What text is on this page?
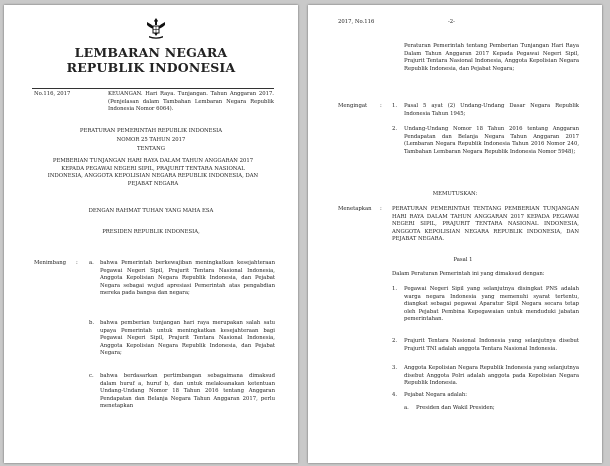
LEMBARAN NEGARA
REPUBLIK INDONESIA
No.116, 2017	KEUANGAN. Hari Raya. Tunjangan. Tahun Anggaran 2017. (Penjelasan dalam Tambahan Lembaran Negara Republik Indonesia Nomor 6064).
PERATURAN PEMERINTAH REPUBLIK INDONESIA
NOMOR 25 TAHUN 2017
TENTANG
PEMBERIAN TUNJANGAN HARI RAYA DALAM TAHUN ANGGARAN 2017 KEPADA PEGAWAI NEGERI SIPIL, PRAJURIT TENTARA NASIONAL INDONESIA, ANGGOTA KEPOLISIAN NEGARA REPUBLIK INDONESIA, DAN PEJABAT NEGARA
DENGAN RAHMAT TUHAN YANG MAHA ESA
PRESIDEN REPUBLIK INDONESIA,
Menimbang : a. bahwa Pemerintah berkewajiban meningkatkan kesejahteraan Pegawai Negeri Sipil, Prajurit Tentara Nasional Indonesia, Anggota Kepolisian Negara Republik Indonesia, dan Pejabat Negara sebagai wujud apresiasi Pemerintah atas pengabdian mereka pada bangsa dan negara;
b. bahwa pemberian tunjangan hari raya merupakan salah satu upaya Pemerintah untuk meningkatkan kesejahteraan bagi Pegawai Negeri Sipil, Prajurit Tentara Nasional Indonesia, Anggota Kepolisian Negara Republik Indonesia, dan Pejabat Negara;
c. bahwa berdasarkan pertimbangan sebagaimana dimaksud dalam huruf a, huruf b, dan untuk melaksanakan ketentuan Undang-Undang Nomor 18 Tahun 2016 tentang Anggaran Pendapatan dan Belanja Negara Tahun Anggaran 2017, perlu menetapkan
2017, No.116	-2-
Peraturan Pemerintah tentang Pemberian Tunjangan Hari Raya Dalam Tahun Anggaran 2017 Kepada Pegawai Negeri Sipil, Prajurit Tentara Nasional Indonesia, Anggota Kepolisian Negara Republik Indonesia, dan Pejabat Negara;
Mengingat : 1. Pasal 5 ayat (2) Undang-Undang Dasar Negara Republik Indonesia Tahun 1945;
2. Undang-Undang Nomor 18 Tahun 2016 tentang Anggaran Pendapatan dan Belanja Negara Tahun Anggaran 2017 (Lembaran Negara Republik Indonesia Tahun 2016 Nomor 240, Tambahan Lembaran Negara Republik Indonesia Nomor 5948);
MEMUTUSKAN:
Menetapkan : PERATURAN PEMERINTAH TENTANG PEMBERIAN TUNJANGAN HARI RAYA DALAM TAHUN ANGGARAN 2017 KEPADA PEGAWAI NEGERI SIPIL, PRAJURIT TENTARA NASIONAL INDONESIA, ANGGOTA KEPOLISIAN NEGARA REPUBLIK INDONESIA, DAN PEJABAT NEGARA.
Pasal 1
Dalam Peraturan Pemerintah ini yang dimaksud dengan:
1. Pegawai Negeri Sipil yang selanjutnya disingkat PNS adalah warga negara Indonesia yang memenuhi syarat tertentu, diangkat sebagai pegawai Aparatur Sipil Negara secara tetap oleh Pejabat Pembina Kepegawaian untuk menduduki jabatan pemerintahan.
2. Prajurit Tentara Nasional Indonesia yang selanjutnya disebut Prajurit TNI adalah anggota Tentara Nasional Indonesia.
3. Anggota Kepolisian Negara Republik Indonesia yang selanjutnya disebut Anggota Polri adalah anggota pada Kepolisian Negara Republik Indonesia.
4. Pejabat Negara adalah:
a. Presiden dan Wakil Presiden;
